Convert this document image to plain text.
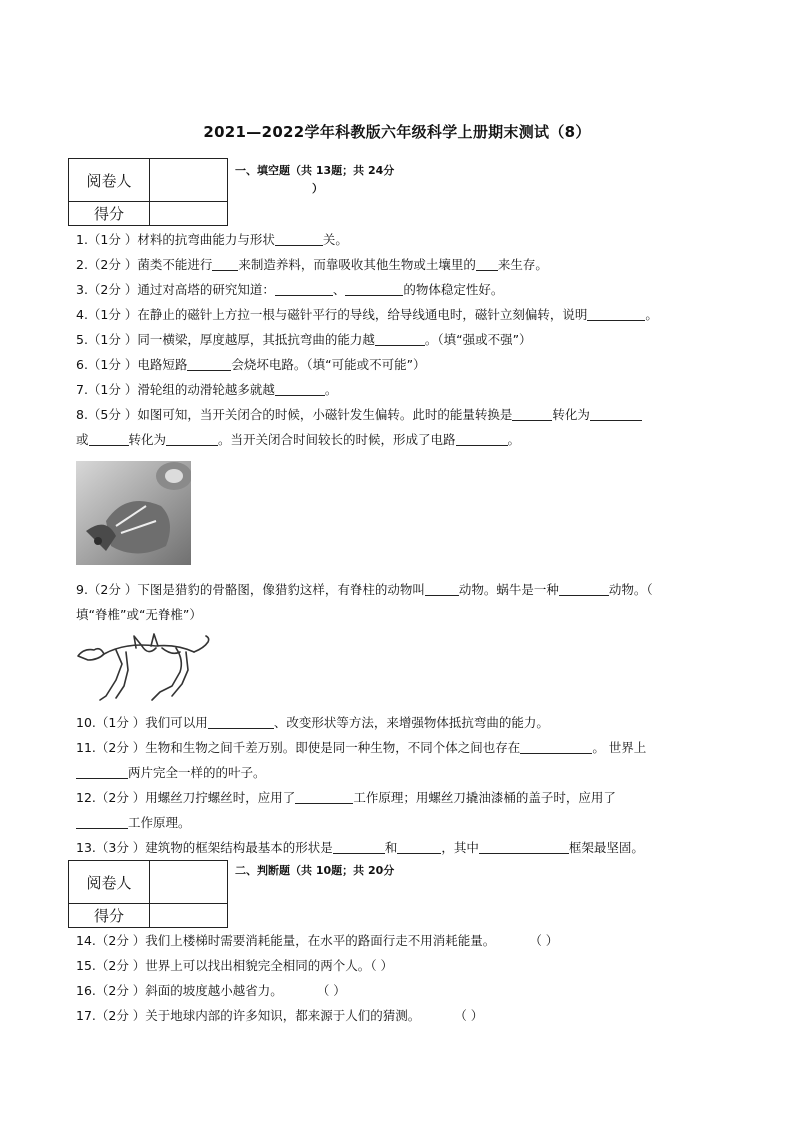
2021—2022学年科教版六年级科学上册期末测试（8）
阅卷人	
得分	
一、填空题（共 13题；共 24分
）
1.（1分 ）材料的抗弯曲能力与形状	关。
2.（2分 ）菌类不能进行 来制造养料，而靠吸收其他生物或土壤里的 来生存。
3.（2分 ）通过对高塔的研究知道：	、	的物体稳定性好。
4.（1分 ）在静止的磁针上方拉一根与磁针平行的导线，给导线通电时，磁针立刻偏转，说明	。
5.（1分 ）同一横梁，厚度越厚，其抵抗弯曲的能力越	。（填“强或不强”）
6.（1分 ）电路短路	会烧坏电路。（填“可能或不可能”）
7.（1分 ）滑轮组的动滑轮越多就越	。
8.（5分 ）如图可知，当开关闭合的时候，小磁针发生偏转。此时的能量转换是	转化为
或	转化为	。当开关闭合时间较长的时候，形成了电路	。
9.（2分 ）下图是猎豹的骨骼图，像猎豹这样，有脊柱的动物叫	动物。蜗牛是一种	动物。（
填“脊椎”或“无脊椎”）
10.（1分 ）我们可以用	、改变形状等方法，来增强物体抵抗弯曲的能力。
11.（2分 ）生物和生物之间千差万别。即使是同一种生物，不同个体之间也存在	。 世界上
两片完全一样的的叶子。
12.（2分 ）用螺丝刀拧螺丝时，应用了	工作原理；用螺丝刀撬油漆桶的盖子时，应用了
工作原理。
13.（3分 ）建筑物的框架结构最基本的形状是	和	，其中	框架最坚固。
阅卷人	
得分	
二、判断题（共 10题；共 20分
14.（2分 ）我们上楼梯时需要消耗能量，在水平的路面行走不用消耗能量。	（ ）
15.（2分 ）世界上可以找出相貌完全相同的两个人。（ ）
16.（2分 ）斜面的坡度越小越省力。	（ ）
17.（2分 ）关于地球内部的许多知识，都来源于人们的猜测。	（ ）
